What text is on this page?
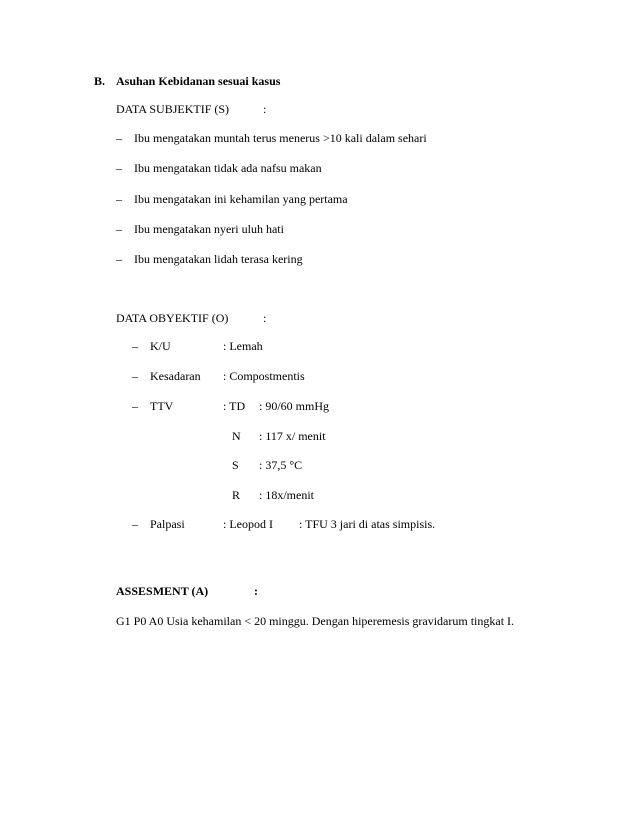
B. Asuhan Kebidanan sesuai kasus
DATA SUBJEKTIF (S)	:
– Ibu mengatakan muntah terus menerus >10 kali dalam sehari
– Ibu mengatakan tidak ada nafsu makan
– Ibu mengatakan ini kehamilan yang pertama
– Ibu mengatakan nyeri uluh hati
– Ibu mengatakan lidah terasa kering
DATA OBYEKTIF (O)	:
– K/U	: Lemah
– Kesadaran : Compostmentis
– TTV	: TD : 90/60 mmHg
N : 117 x/ menit
S : 37,5 °C
R : 18x/menit
– Palpasi	: Leopod I : TFU 3 jari di atas simpisis.
ASSESMENT (A)	:
G1 P0 A0 Usia kehamilan < 20 minggu. Dengan hiperemesis gravidarum tingkat I.
